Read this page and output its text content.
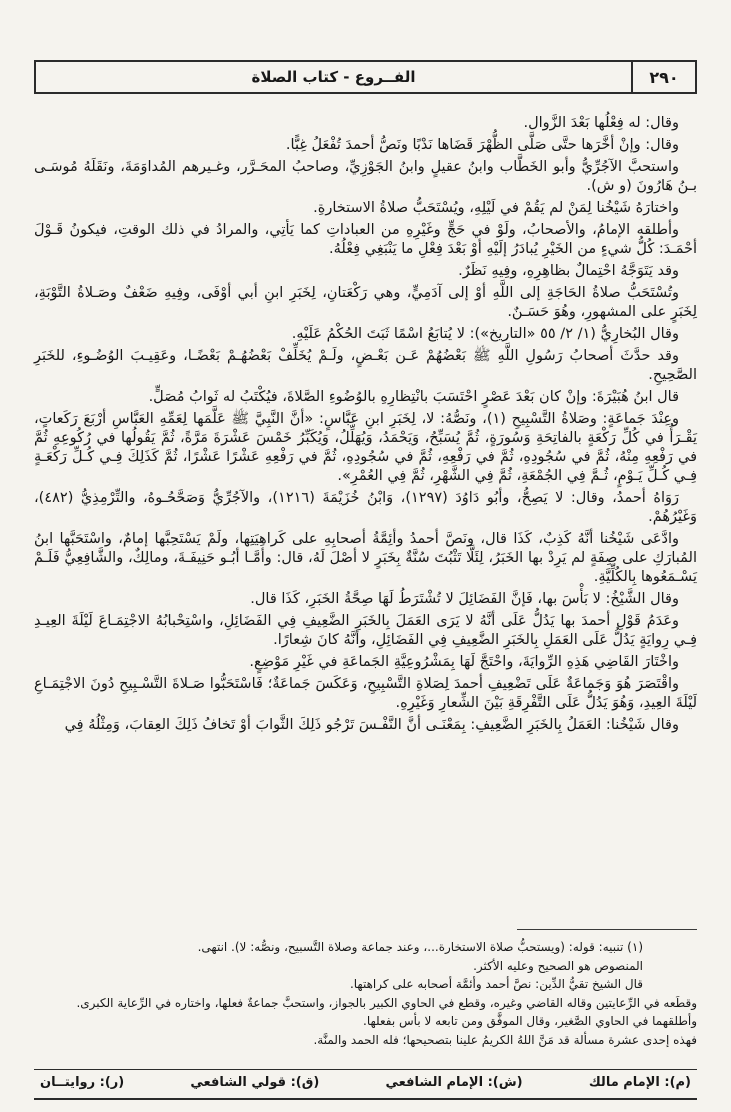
٢٩٠
الفــروع - كتاب الصلاة

وقال: له فِعْلُها بَعْدَ الزَّوال.

وقال: وإنْ أخَّرَها حتَّى صَلَّى الظُّهْرَ قَضَاها نَدْبًا ونَصُّ أحمدَ تُفْعَلُ غِبًّا.

واستحبَّ الآجُرِّيُّ وأبو الخَطَّاب وابنُ عقيلٍ وابنُ الجَوْزِيِّ، وصاحبُ المحَـرَّر، وغـيرهم المُداوَمَةَ، ونَقَلَهُ مُوسَـى بـنُ هَارُونَ (و ش).

واختارَهُ شَيْخُنا لِمَنْ لم يَقُمْ في لَيْلِهِ، ويُسْتَحَبُّ صلاةُ الاستخارةِ.

وأطلقه الإمامُ، والأصحابُ، ولَوْ في حَجٍّ وغَيْرِهِ من العباداتِ كما يَأتِي، والمرادُ في ذلك الوقتِ، فيكونُ قَـوْلَ أحْمَـدَ: كُلُّ شيءٍ من الخَيْرِ يُبادَرُ إلَيْهِ أوْ بَعْدَ فِعْلِ ما يَنْبَغِي فِعْلُهُ.

وقد يَتَوَجَّهُ احْتِمالٌ بظاهِرِهِ، وفِيهِ نَظَرٌ.

وتُسْتَحَبُّ صلاةُ الحَاجَةِ إلى اللَّهِ أوْ إلى آدَمِيٍّ، وهي رَكْعَتانِ، لِخَبَرِ ابنِ أبي أوْفَى، وفِيهِ ضَعْفٌ وصَـلاةُ التَّوْبَةِ، لِخَبَرٍ على المشهورِ، وهُوَ حَسَـنٌ.

وقال البُخارِيُّ (١/ ٢/ ٥٥ «التاريخ»): لا يُتابَعُ اسْمًا ثَبَتَ الحُكْمُ عَلَيْهِ.

وقد حدَّثَ أصحابُ رَسُولِ اللَّهِ ﷺ بَعْضُهُمْ عَـن بَعْـضٍ، ولَـمْ يُخَلِّفْ بَعْضُهُـمْ بَعْضًـا، وعَقِيـبَ الوُضُـوءِ، للخَبَرِ الصَّحِيحِ.

قال ابنُ هُبَيْرَةَ: وإنْ كان بَعْدَ عَصْرٍ احْتَسَبَ بانْتِظارِهِ بالوُضُوءِ الصَّلاةَ، فيُكْتَبُ له ثَوابُ مُصَلٍّ.

وعِنْدَ جَماعَةٍ: وصَلاةُ التَّسْبِيحِ (١)، ونَصُّهُ: لا، لِخَبَرِ ابنِ عَبَّاسٍ: «أنَّ النَّبِيَّ ﷺ عَلَّمَها لِعَمِّهِ العَبَّاسِ أرْبَعَ رَكَعاتٍ، يَقْـرَأُ في كُلِّ رَكْعَةٍ بالفاتِحَةِ وَسُورَةٍ، ثُمَّ يُسَبِّحُ، وَيَحْمَدُ، وَيُهَلِّلُ، وَيُكَبِّرُ خَمْسَ عَشْرَةَ مَرَّةً، ثُمَّ يَقُولُها في رُكُوعِهِ ثُمَّ في رَفْعِهِ مِنْهُ، ثُمَّ في سُجُودِهِ، ثُمَّ في رَفْعِهِ، ثُمَّ في سُجُودِهِ، ثُمَّ في رَفْعِهِ عَشْرًا عَشْرًا، ثُمَّ كَذَلِكَ فِـي كُـلِّ رَكْعَـةٍ فِـي كُـلِّ يَـوْمٍ، ثُـمَّ فِي الجُمْعَةِ، ثُمَّ فِي الشَّهْرِ، ثُمَّ فِي العُمْرِ».

رَوَاهُ أحمدُ، وقال: لا يَصِحُّ، وأبُو دَاوُدَ (١٢٩٧)، وَابْنُ خُزَيْمَةَ (١٢١٦)، والآجُرِّيُّ وَصَحَّحُـوهُ، والتِّرْمِذِيُّ (٤٨٢)، وَغَيْرُهُمْ.

وادَّعَى شَيْخُنا أنَّهُ كَذِبٌ، كَذَا قال، ونَصَّ أحمدُ وأئِمَّةُ أصحابِهِ على كَراهِيَتِها، ولَمْ يَسْتَحِبَّها إمامٌ، واسْتَحَبَّها ابنُ المُبارَكِ على صِفَةٍ لم يَرِدْ بها الخَبَرُ، لِئَلَّا تَثْبُتَ سُنَّةٌ بِخَبَرٍ لا أصْلَ لَهُ، قال: وأمَّـا أبُـو حَنِيفَـةَ، ومالِكٌ، والشَّافِعِيُّ فَلَـمْ يَسْـمَعُوها بِالكُلِّيَّةِ.

وقال الشَّيْخُ: لا بَأْسَ بها، فَإنَّ الفَضَائِلَ لا تُشْتَرَطُ لَهَا صِحَّةُ الخَبَرِ، كَذَا قال.

وعَدَمُ قَوْلِ أحمدَ بها يَدُلُّ عَلَى أنَّهُ لا يَرَى العَمَلَ بِالخَبَرِ الضَّعِيفِ فِي الفَضَائِلِ، واسْتِحْبابُهُ الاجْتِمَـاعَ لَيْلَةَ العِيـدِ فِـي رِوايَةٍ يَدُلُّ عَلَى العَمَلِ بِالخَبَرِ الضَّعِيفِ فِي الفَضَائِلِ، وأنَّهُ كانَ شِعارًا.

واخْتَارَ القَاضِي هَذِهِ الرِّوايَةَ، واحْتَجَّ لَهَا بِمَشْرُوعِيَّةِ الجَماعَةِ في غَيْرِ مَوْضِعٍ.

واقْتَصَرَ هُوَ وَجَماعَةٌ عَلَى تَضْعِيفِ أحمدَ لِصَلاةِ التَّسْبِيحِ، وَعَكَسَ جَماعَةٌ؛ فَاسْتَحَبُّوا صَـلاةَ التَّسْـبِيحِ دُونَ الاجْتِمَـاعِ لَيْلَةَ العِيدِ، وَهُوَ يَدُلُّ عَلَى التَّفْرِقَةِ بَيْنَ الشِّعارِ وَغَيْرِهِ.

وقال شَيْخُنا: العَمَلُ بِالخَبَرِ الضَّعِيفِ: بِمَعْنَـى أنَّ النَّفْـسَ تَرْجُو ذَلِكَ الثَّوابَ أوْ تَخافُ ذَلِكَ العِقابَ، وَمِثْلُهُ فِي

(١) تنبيه: قوله: (ويستحبُّ صلاة الاستخارة...، وعند جماعة وصلاة التَّسبيح، ونصُّه: لا). انتهى.

المنصوص هو الصحيح وعليه الأكثر.

قال الشيخ تقيُّ الدِّين: نصَّ أحمد وأئمَّة أصحابه على كراهتها.

وقطَعه في الرِّعايتين وقاله القاضي وغيره، وقطع في الحاوي الكبير بالجواز، واستحبَّ جماعةٌ فعلها، واختاره في الرِّعاية الكبرى.

وأطلقهما في الحاوي الصَّغير، وقال الموفَّق ومن تابعه لا بأس بفعلها.

فهذه إحدى عشرة مسألة قد مَنَّ اللهُ الكريمُ علينا بتصحيحها؛ فله الحمد والمنَّة.

(م): الإمام مالك
(ش): الإمام الشافعي
(ق): قولي الشافعي
(ر): روايتــان
